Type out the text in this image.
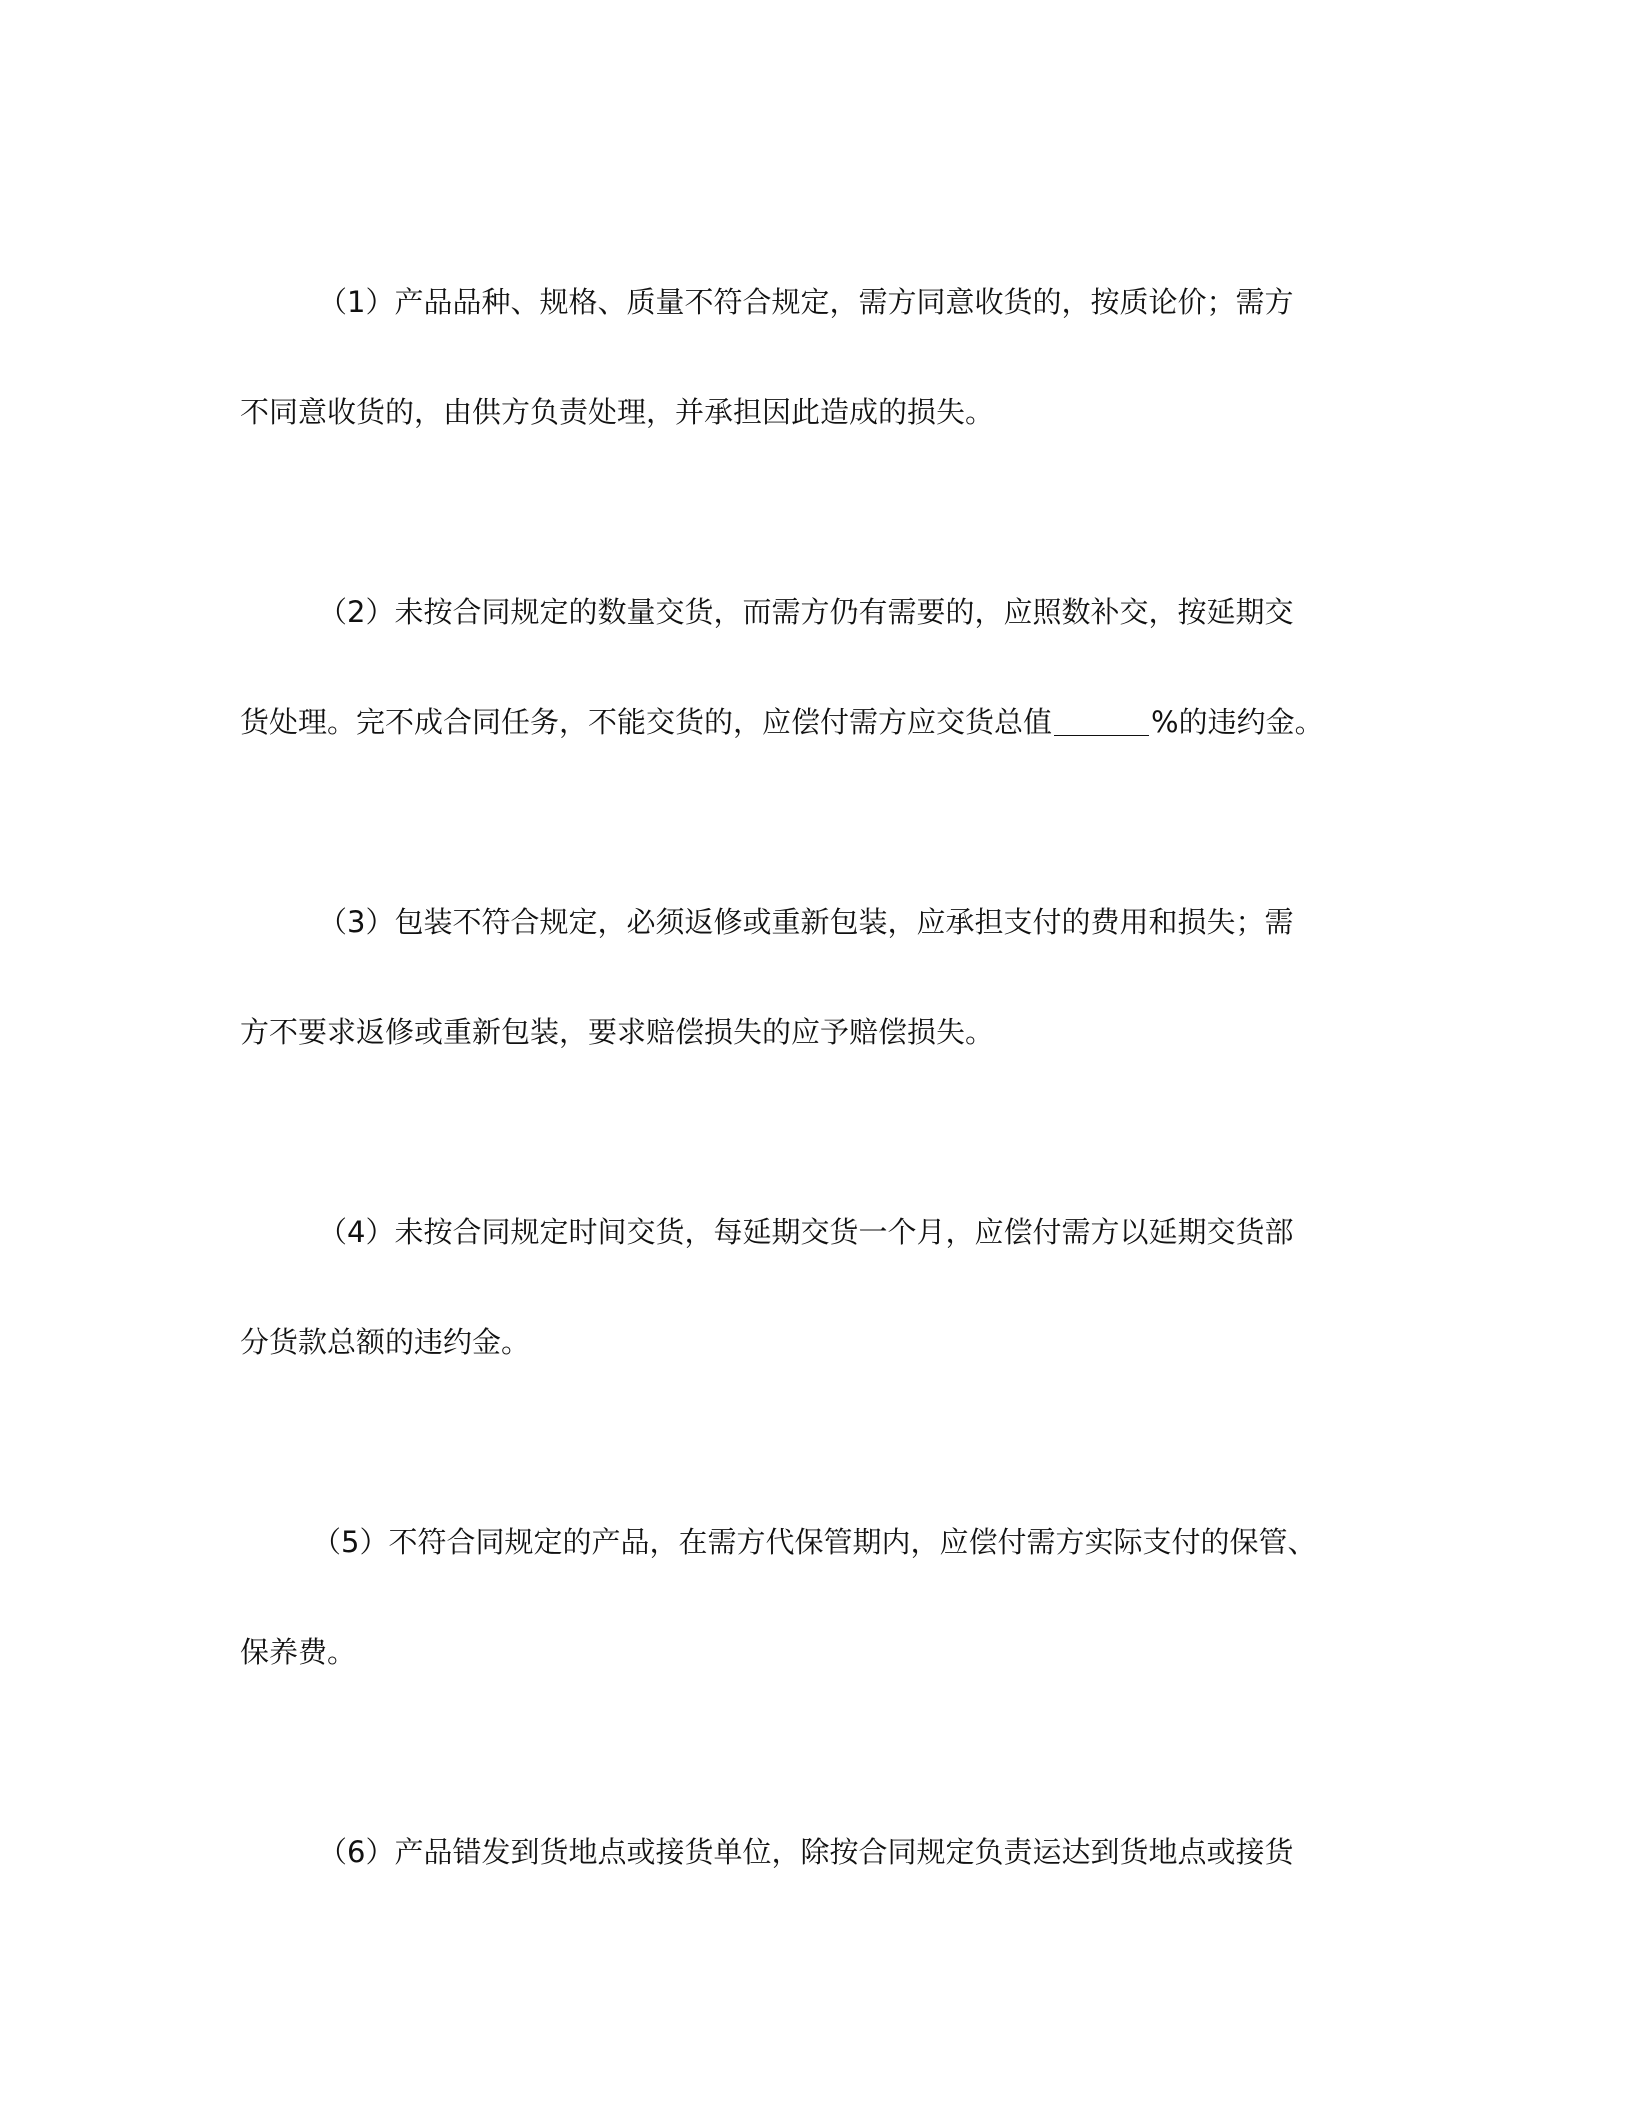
（1）产品品种、规格、质量不符合规定，需方同意收货的，按质论价；需方
不同意收货的，由供方负责处理，并承担因此造成的损失。
（2）未按合同规定的数量交货，而需方仍有需要的，应照数补交，按延期交
货处理。完不成合同任务，不能交货的，应偿付需方应交货总值	%的违约金。
（3）包装不符合规定，必须返修或重新包装，应承担支付的费用和损失；需
方不要求返修或重新包装，要求赔偿损失的应予赔偿损失。
（4）未按合同规定时间交货，每延期交货一个月，应偿付需方以延期交货部
分货款总额的违约金。
（5）不符合同规定的产品，在需方代保管期内，应偿付需方实际支付的保管、
保养费。
（6）产品错发到货地点或接货单位，除按合同规定负责运达到货地点或接货
